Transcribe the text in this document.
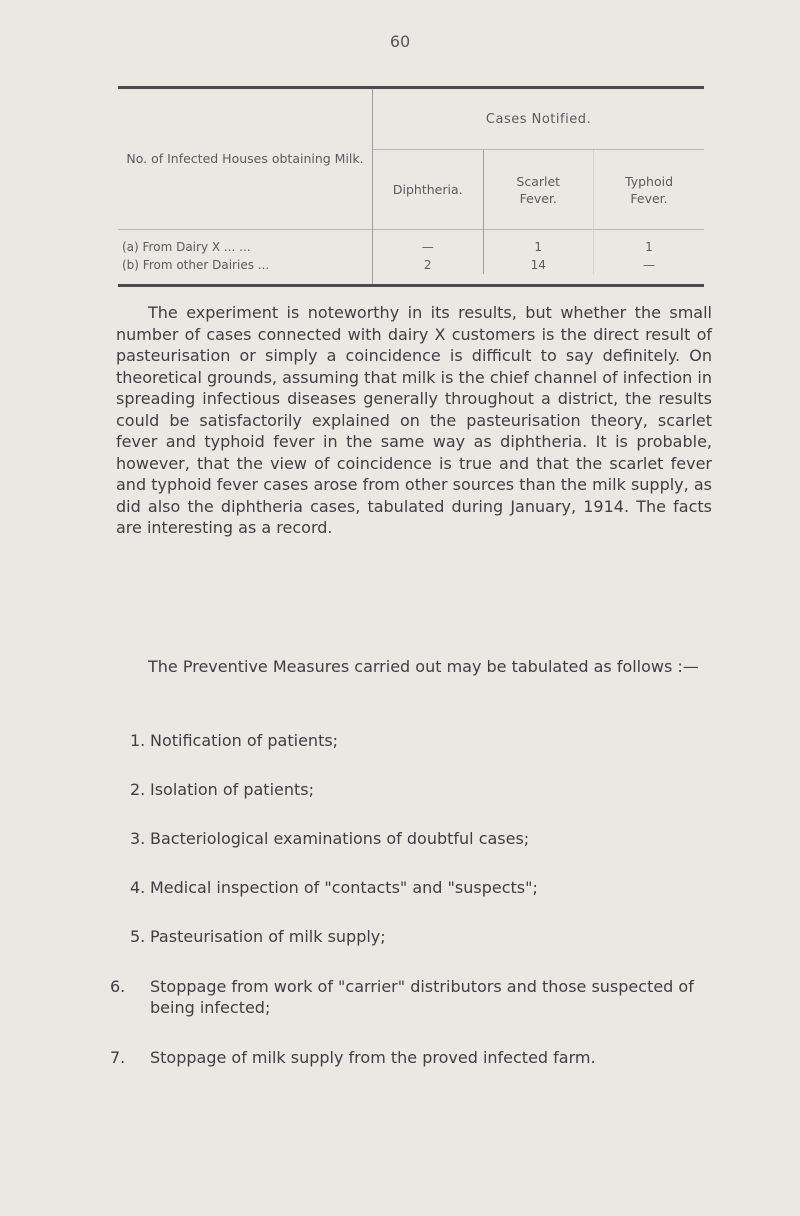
60
No. of Infected Houses obtaining Milk.	Cases Notified.		
	Diphtheria.	Scarlet Fever.	Typhoid Fever.

(a) From Dairy X ... ...	—	1	1
(b) From other Dairies ...	2	14	—

The experiment is noteworthy in its results, but whether the small number of cases connected with dairy X customers is the direct result of pasteurisation or simply a coincidence is difficult to say definitely. On theoretical grounds, assuming that milk is the chief channel of infection in spreading infectious diseases generally throughout a district, the results could be satisfactorily explained on the pasteurisation theory, scarlet fever and typhoid fever in the same way as diphtheria. It is probable, however, that the view of coincidence is true and that the scarlet fever and typhoid fever cases arose from other sources than the milk supply, as did also the diphtheria cases, tabulated during January, 1914. The facts are interesting as a record.

The Preventive Measures carried out may be tabulated as follows :—

1. Notification of patients;

2. Isolation of patients;

3. Bacteriological examinations of doubtful cases;

4. Medical inspection of "contacts" and "suspects";

5. Pasteurisation of milk supply;

6. Stoppage from work of "carrier" distributors and those suspected of being infected;

7. Stoppage of milk supply from the proved infected farm.
